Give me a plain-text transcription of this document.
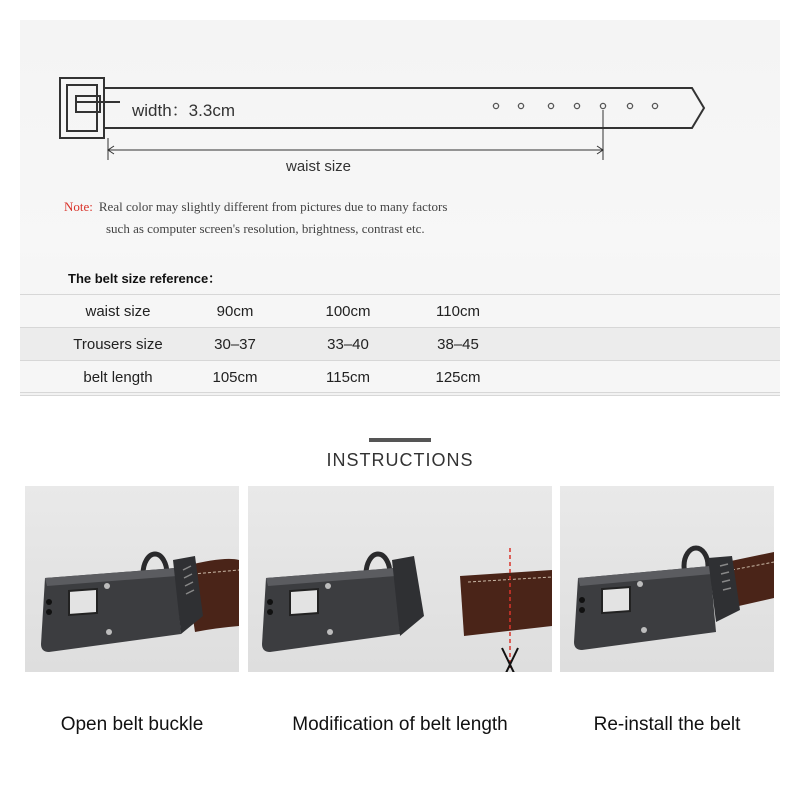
width：3.3cm
waist size
Note: Real color may slightly different from pictures due to many factors
such as computer screen's resolution, brightness, contrast etc.
The belt size reference：
waist size	90cm	100cm	110cm
Trousers size	30–37	33–40	38–45
belt length	105cm	115cm	125cm
INSTRUCTIONS
Open belt buckle	Modification of belt length	Re-install the belt
